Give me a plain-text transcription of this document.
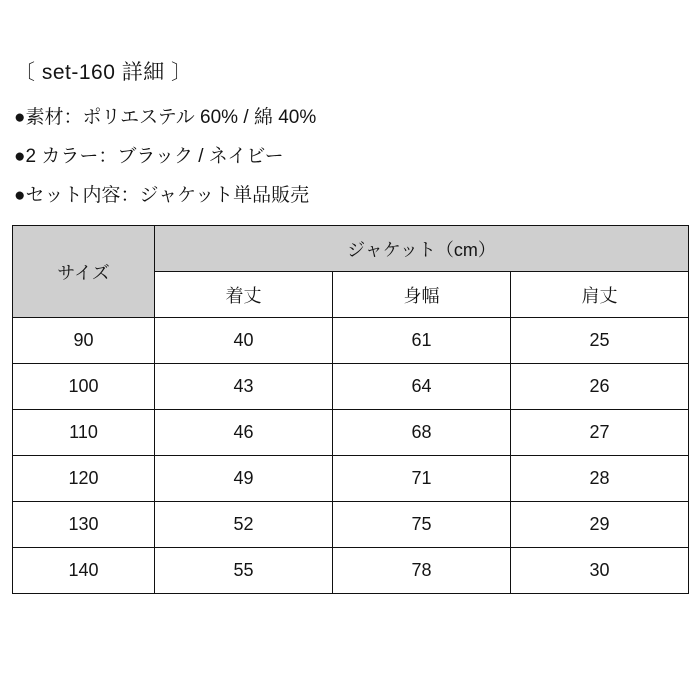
〔 set-160 詳細 〕
●素材：ポリエステル 60% / 綿 40%
●2 カラー：ブラック / ネイビー
●セット内容：ジャケット単品販売
サイズ	ジャケット（cm）		
	着丈	身幅	肩丈
90	40	61	25
100	43	64	26
110	46	68	27
120	49	71	28
130	52	75	29
140	55	78	30
